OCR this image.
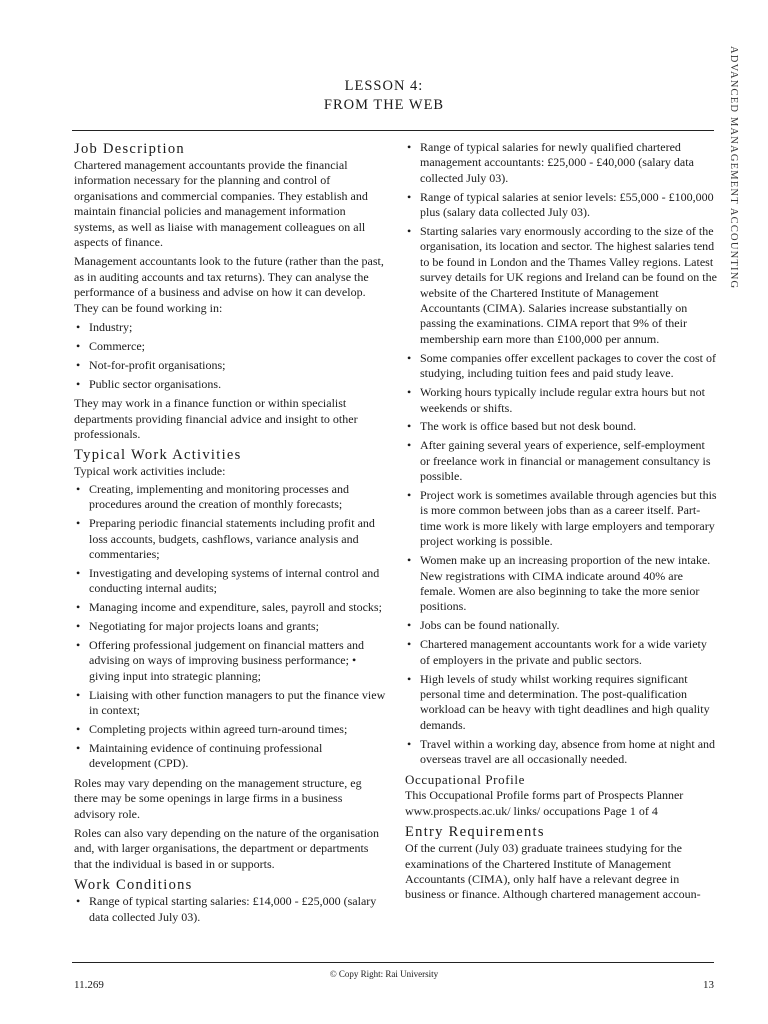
ADVANCED MANAGEMENT ACCOUNTING
LESSON 4:
FROM THE WEB
Job Description

Chartered management accountants provide the financial information necessary for the planning and control of organisations and commercial companies. They establish and maintain financial policies and management information systems, as well as liaise with management colleagues on all aspects of finance.

Management accountants look to the future (rather than the past, as in auditing accounts and tax returns). They can analyse the performance of a business and advise on how it can develop. They can be found working in:

• Industry;
• Commerce;
• Not-for-profit organisations;
• Public sector organisations.

They may work in a finance function or within specialist departments providing financial advice and insight to other professionals.

Typical Work Activities

Typical work activities include:

• Creating, implementing and monitoring processes and procedures around the creation of monthly forecasts;
• Preparing periodic financial statements including profit and loss accounts, budgets, cashflows, variance analysis and commentaries;
• Investigating and developing systems of internal control and conducting internal audits;
• Managing income and expenditure, sales, payroll and stocks;
• Negotiating for major projects loans and grants;
• Offering professional judgement on financial matters and advising on ways of improving business performance; • giving input into strategic planning;
• Liaising with other function managers to put the finance view in context;
• Completing projects within agreed turn-around times;
• Maintaining evidence of continuing professional development (CPD).

Roles may vary depending on the management structure, eg there may be some openings in large firms in a business advisory role.

Roles can also vary depending on the nature of the organisation and, with larger organisations, the department or departments that the individual is based in or supports.

Work Conditions
• Range of typical starting salaries: £14,000 - £25,000 (salary data collected July 03).
• Range of typical salaries for newly qualified chartered management accountants: £25,000 - £40,000 (salary data collected July 03).
• Range of typical salaries at senior levels: £55,000 - £100,000 plus (salary data collected July 03).
• Starting salaries vary enormously according to the size of the organisation, its location and sector. The highest salaries tend to be found in London and the Thames Valley regions. Latest survey details for UK regions and Ireland can be found on the website of the Chartered Institute of Management Accountants (CIMA). Salaries increase substantially on passing the examinations. CIMA report that 9% of their membership earn more than £100,000 per annum.
• Some companies offer excellent packages to cover the cost of studying, including tuition fees and paid study leave.
• Working hours typically include regular extra hours but not weekends or shifts.
• The work is office based but not desk bound.
• After gaining several years of experience, self-employment or freelance work in financial or management consultancy is possible.
• Project work is sometimes available through agencies but this is more common between jobs than as a career itself. Part-time work is more likely with large employers and temporary project working is possible.
• Women make up an increasing proportion of the new intake. New registrations with CIMA indicate around 40% are female. Women are also beginning to take the more senior positions.
• Jobs can be found nationally.
• Chartered management accountants work for a wide variety of employers in the private and public sectors.
• High levels of study whilst working requires significant personal time and determination. The post-qualification workload can be heavy with tight deadlines and high quality demands.
• Travel within a working day, absence from home at night and overseas travel are all occasionally needed.
Occupational Profile

This Occupational Profile forms part of Prospects Planner www.prospects.ac.uk/ links/ occupations Page 1 of 4

Entry Requirements

Of the current (July 03) graduate trainees studying for the examinations of the Chartered Institute of Management Accountants (CIMA), only half have a relevant degree in business or finance. Although chartered management accoun-

© Copy Right: Rai University
11.269	13
